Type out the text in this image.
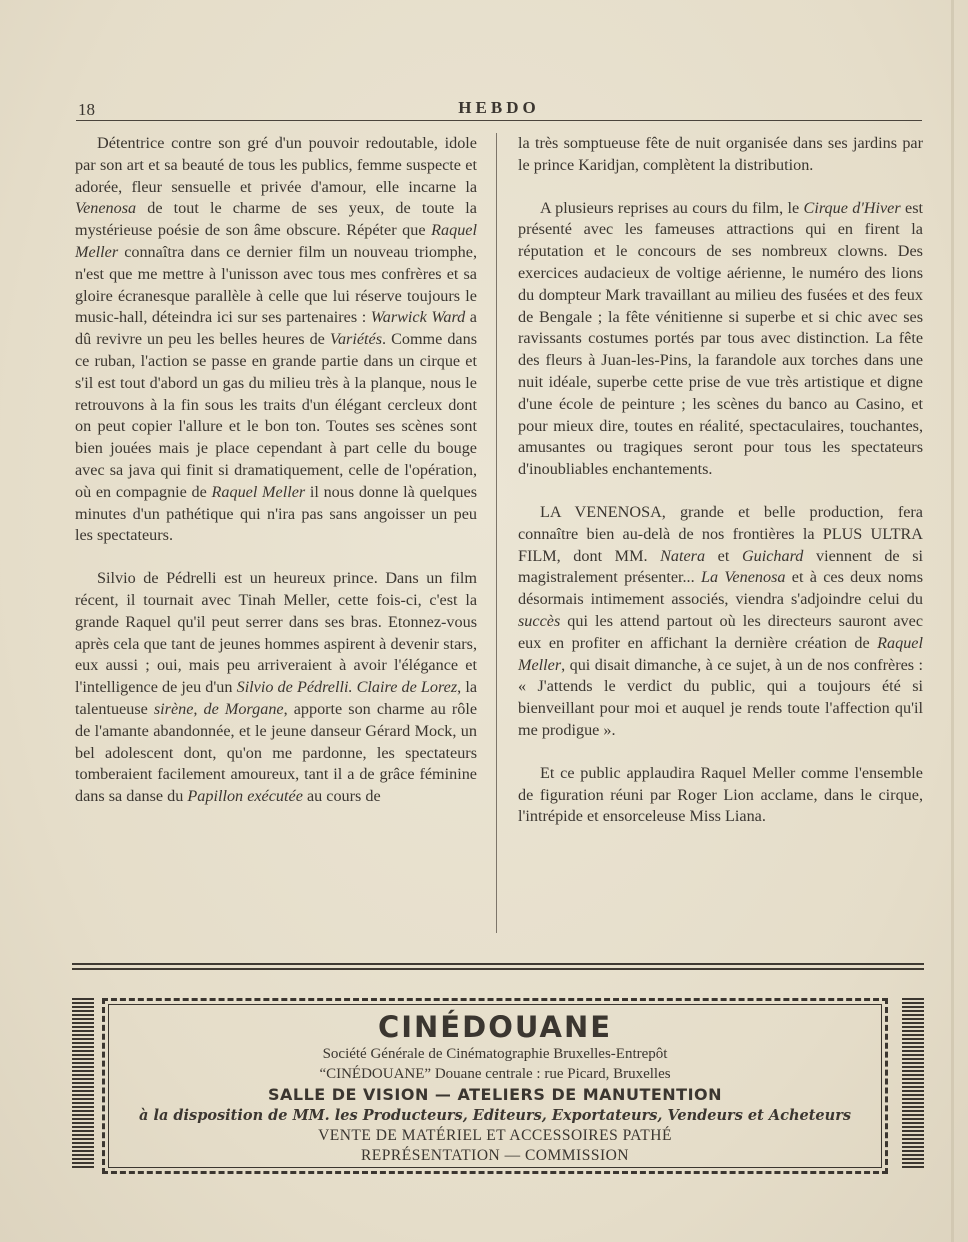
18	HEBDO

Détentrice contre son gré d'un pouvoir redoutable, idole par son art et sa beauté de tous les publics, femme suspecte et adorée, fleur sensuelle et privée d'amour, elle incarne la Venenosa de tout le charme de ses yeux, de toute la mystérieuse poésie de son âme obscure. Répéter que Raquel Meller connaîtra dans ce dernier film un nouveau triomphe, n'est que me mettre à l'unisson avec tous mes confrères et sa gloire écranesque parallèle à celle que lui réserve toujours le music-hall, déteindra ici sur ses partenaires : Warwick Ward a dû revivre un peu les belles heures de Variétés. Comme dans ce ruban, l'action se passe en grande partie dans un cirque et s'il est tout d'abord un gas du milieu très à la planque, nous le retrouvons à la fin sous les traits d'un élégant cercleux dont on peut copier l'allure et le bon ton. Toutes ses scènes sont bien jouées mais je place cependant à part celle du bouge avec sa java qui finit si dramatiquement, celle de l'opération, où en compagnie de Raquel Meller il nous donne là quelques minutes d'un pathétique qui n'ira pas sans angoisser un peu les spectateurs.

Silvio de Pédrelli est un heureux prince. Dans un film récent, il tournait avec Tinah Meller, cette fois-ci, c'est la grande Raquel qu'il peut serrer dans ses bras. Etonnez-vous après cela que tant de jeunes hommes aspirent à devenir stars, eux aussi ; oui, mais peu arriveraient à avoir l'élégance et l'intelligence de jeu d'un Silvio de Pédrelli. Claire de Lorez, la talentueuse sirène, de Morgane, apporte son charme au rôle de l'amante abandonnée, et le jeune danseur Gérard Mock, un bel adolescent dont, qu'on me pardonne, les spectateurs tomberaient facilement amoureux, tant il a de grâce féminine dans sa danse du Papillon exécutée au cours de

la très somptueuse fête de nuit organisée dans ses jardins par le prince Karidjan, complètent la distribution.

A plusieurs reprises au cours du film, le Cirque d'Hiver est présenté avec les fameuses attractions qui en firent la réputation et le concours de ses nombreux clowns. Des exercices audacieux de voltige aérienne, le numéro des lions du dompteur Mark travaillant au milieu des fusées et des feux de Bengale ; la fête vénitienne si superbe et si chic avec ses ravissants costumes portés par tous avec distinction. La fête des fleurs à Juan-les-Pins, la farandole aux torches dans une nuit idéale, superbe cette prise de vue très artistique et digne d'une école de peinture ; les scènes du banco au Casino, et pour mieux dire, toutes en réalité, spectaculaires, touchantes, amusantes ou tragiques seront pour tous les spectateurs d'inoubliables enchantements.

LA VENENOSA, grande et belle production, fera connaître bien au-delà de nos frontières la PLUS ULTRA FILM, dont MM. Natera et Guichard viennent de si magistralement présenter... La Venenosa et à ces deux noms désormais intimement associés, viendra s'adjoindre celui du succès qui les attend partout où les directeurs sauront avec eux en profiter en affichant la dernière création de Raquel Meller, qui disait dimanche, à ce sujet, à un de nos confrères : « J'attends le verdict du public, qui a toujours été si bienveillant pour moi et auquel je rends toute l'affection qu'il me prodigue ».

Et ce public applaudira Raquel Meller comme l'ensemble de figuration réuni par Roger Lion acclame, dans le cirque, l'intrépide et ensorceleuse Miss Liana.

CINÉDOUANE
Société Générale de Cinématographie Bruxelles-Entrepôt
“CINÉDOUANE” Douane centrale : rue Picard, Bruxelles
SALLE DE VISION — ATELIERS DE MANUTENTION
à la disposition de MM. les Producteurs, Editeurs, Exportateurs, Vendeurs et Acheteurs
VENTE DE MATÉRIEL ET ACCESSOIRES PATHÉ
REPRÉSENTATION — COMMISSION
